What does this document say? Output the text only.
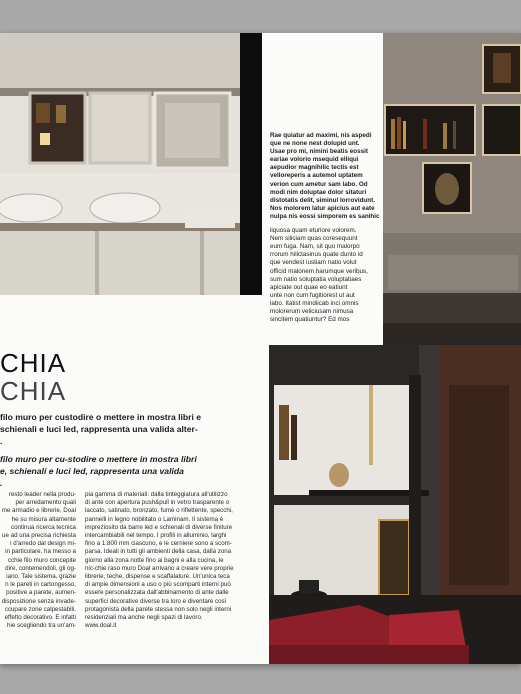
Rae quiatur ad maximi, nis aspedi

que ne none nest dolupid unt.

Usae pro mi, nimini beatis eossit

eariae volorio msequid elliqui

aepudior magnihilic tectis est

velloreperis a autemol uptatem

verion cum ametur sam labo. Od

modi nim doluptae dolor sitaturi

distotatis delit, siminul lorrovidunt.

Nos molorem latur apicius aut eate

nulpa nis eossi simporem es sanihic

liquosa quam eturiore volorem.

Nem siliciam quas coresequunt

eum fuga. Nam, sit quo malorpo

rrorum hilictasinus quate dunto id

que vendest iustiam natio volut

officid malonem harumque veribus,

sum natio soluptatia voluptatiaes

apiciate out quae eo eatiunt

unte non cum fugitiorest ut aut

labo. Itatist mindiicab inci omnis

molorerum veliciusam nimusa

sincitem quatiuntur? Ed mos

CHIA
CHIA

filo muro per custodire o mettere in mostra libri e

schienali e luci led, rappresenta una valida alter-

.

filo muro per cu-stodire o mettere in mostra libri

e, schienali e luci led, rappresenta una valida

.

resto leader nella produ-

per arredamento quali

me armadio e librerie, Doal

he su misura altamente

continua ricerca tecnica

ue ad una precisa richiesta

i d'arredo dal design mi-

in particolare, ha messo a

cchie filo muro concepite

dire, contemendoli, gli og-

iano. Tale sistema, grazie

n le pareti in cartongesso,

positive a parete, aumen-

disposizione senza invade-

ccupare zone calpestabili.

effetto decorativo. E infatti

hie scegliendo tra un'am-

pia gamma di materiali: dalla tinteggiatura all'utilizzo

di ante con apertura push&pull in vetro trasparente o

laccato, satinato, bronzato, fumè o riflettente, specchi,

pannelli in legno nobilitato o Laminam. Il sistema è

impreziosito da barre led e schienali di diverse finiture

intercambiabili nel tempo. I profili in alluminio, larghi

fino a 1.800 mm ciascuno, e le cerniere sono a scom-

parsa. Ideali in tutti gli ambienti della casa, dalla zona

giorno alla zona notte fino ai bagni e alla cucina, le

nic-chie raso muro Doal arrivano a creare vere proprie

librerie, teche, dispense e scaffalature. Un'unica teca

di ampie dimensioni a uso o più scomparti interni può

essere personalizzata dall'abbinamento di ante dalle

superfici decorative diverse tra loro e diventare così

protagonista della parete stessa non solo negli interni

residenziali ma anche negli spazi di lavoro.

www.doal.it
